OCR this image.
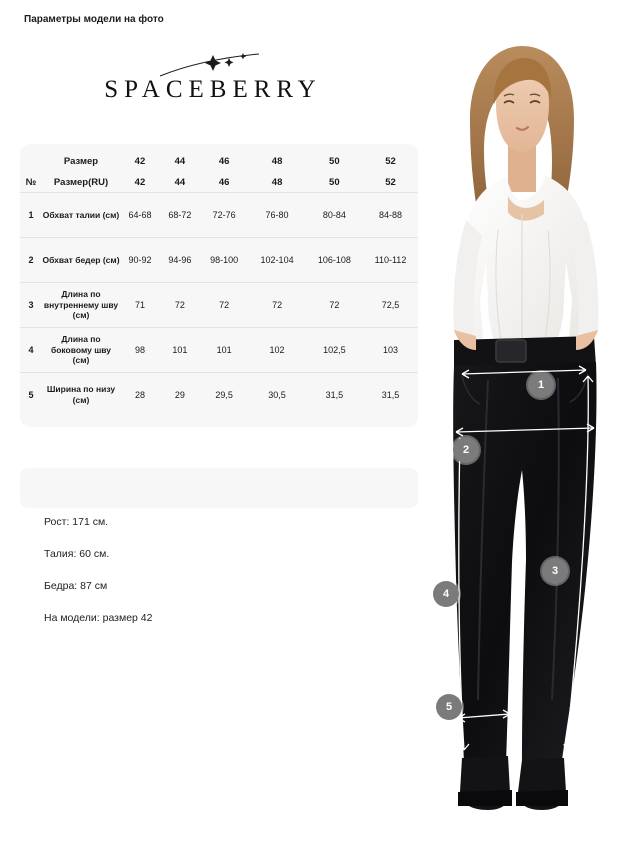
SPACEBERRY
	Размер	42	44	46	48	50	52
№	Размер(RU)	42	44	46	48	50	52

1	Обхват талии (см)	64-68	68-72	72-76	76-80	80-84	84-88

2	Обхват бедер (см)	90-92	94-96	98-100	102-104	106-108	110-112

3	Длина по внутреннему шву (см)	71	72	72	72	72	72,5

4	Длина по боковому шву (см)	98	101	101	102	102,5	103

5	Ширина по низу (см)	28	29	29,5	30,5	31,5	31,5
Параметры модели на фото
Рост: 171 см.
Талия: 60 см.
Бедра: 87 см
На модели: размер 42
1
2
3
4
5
